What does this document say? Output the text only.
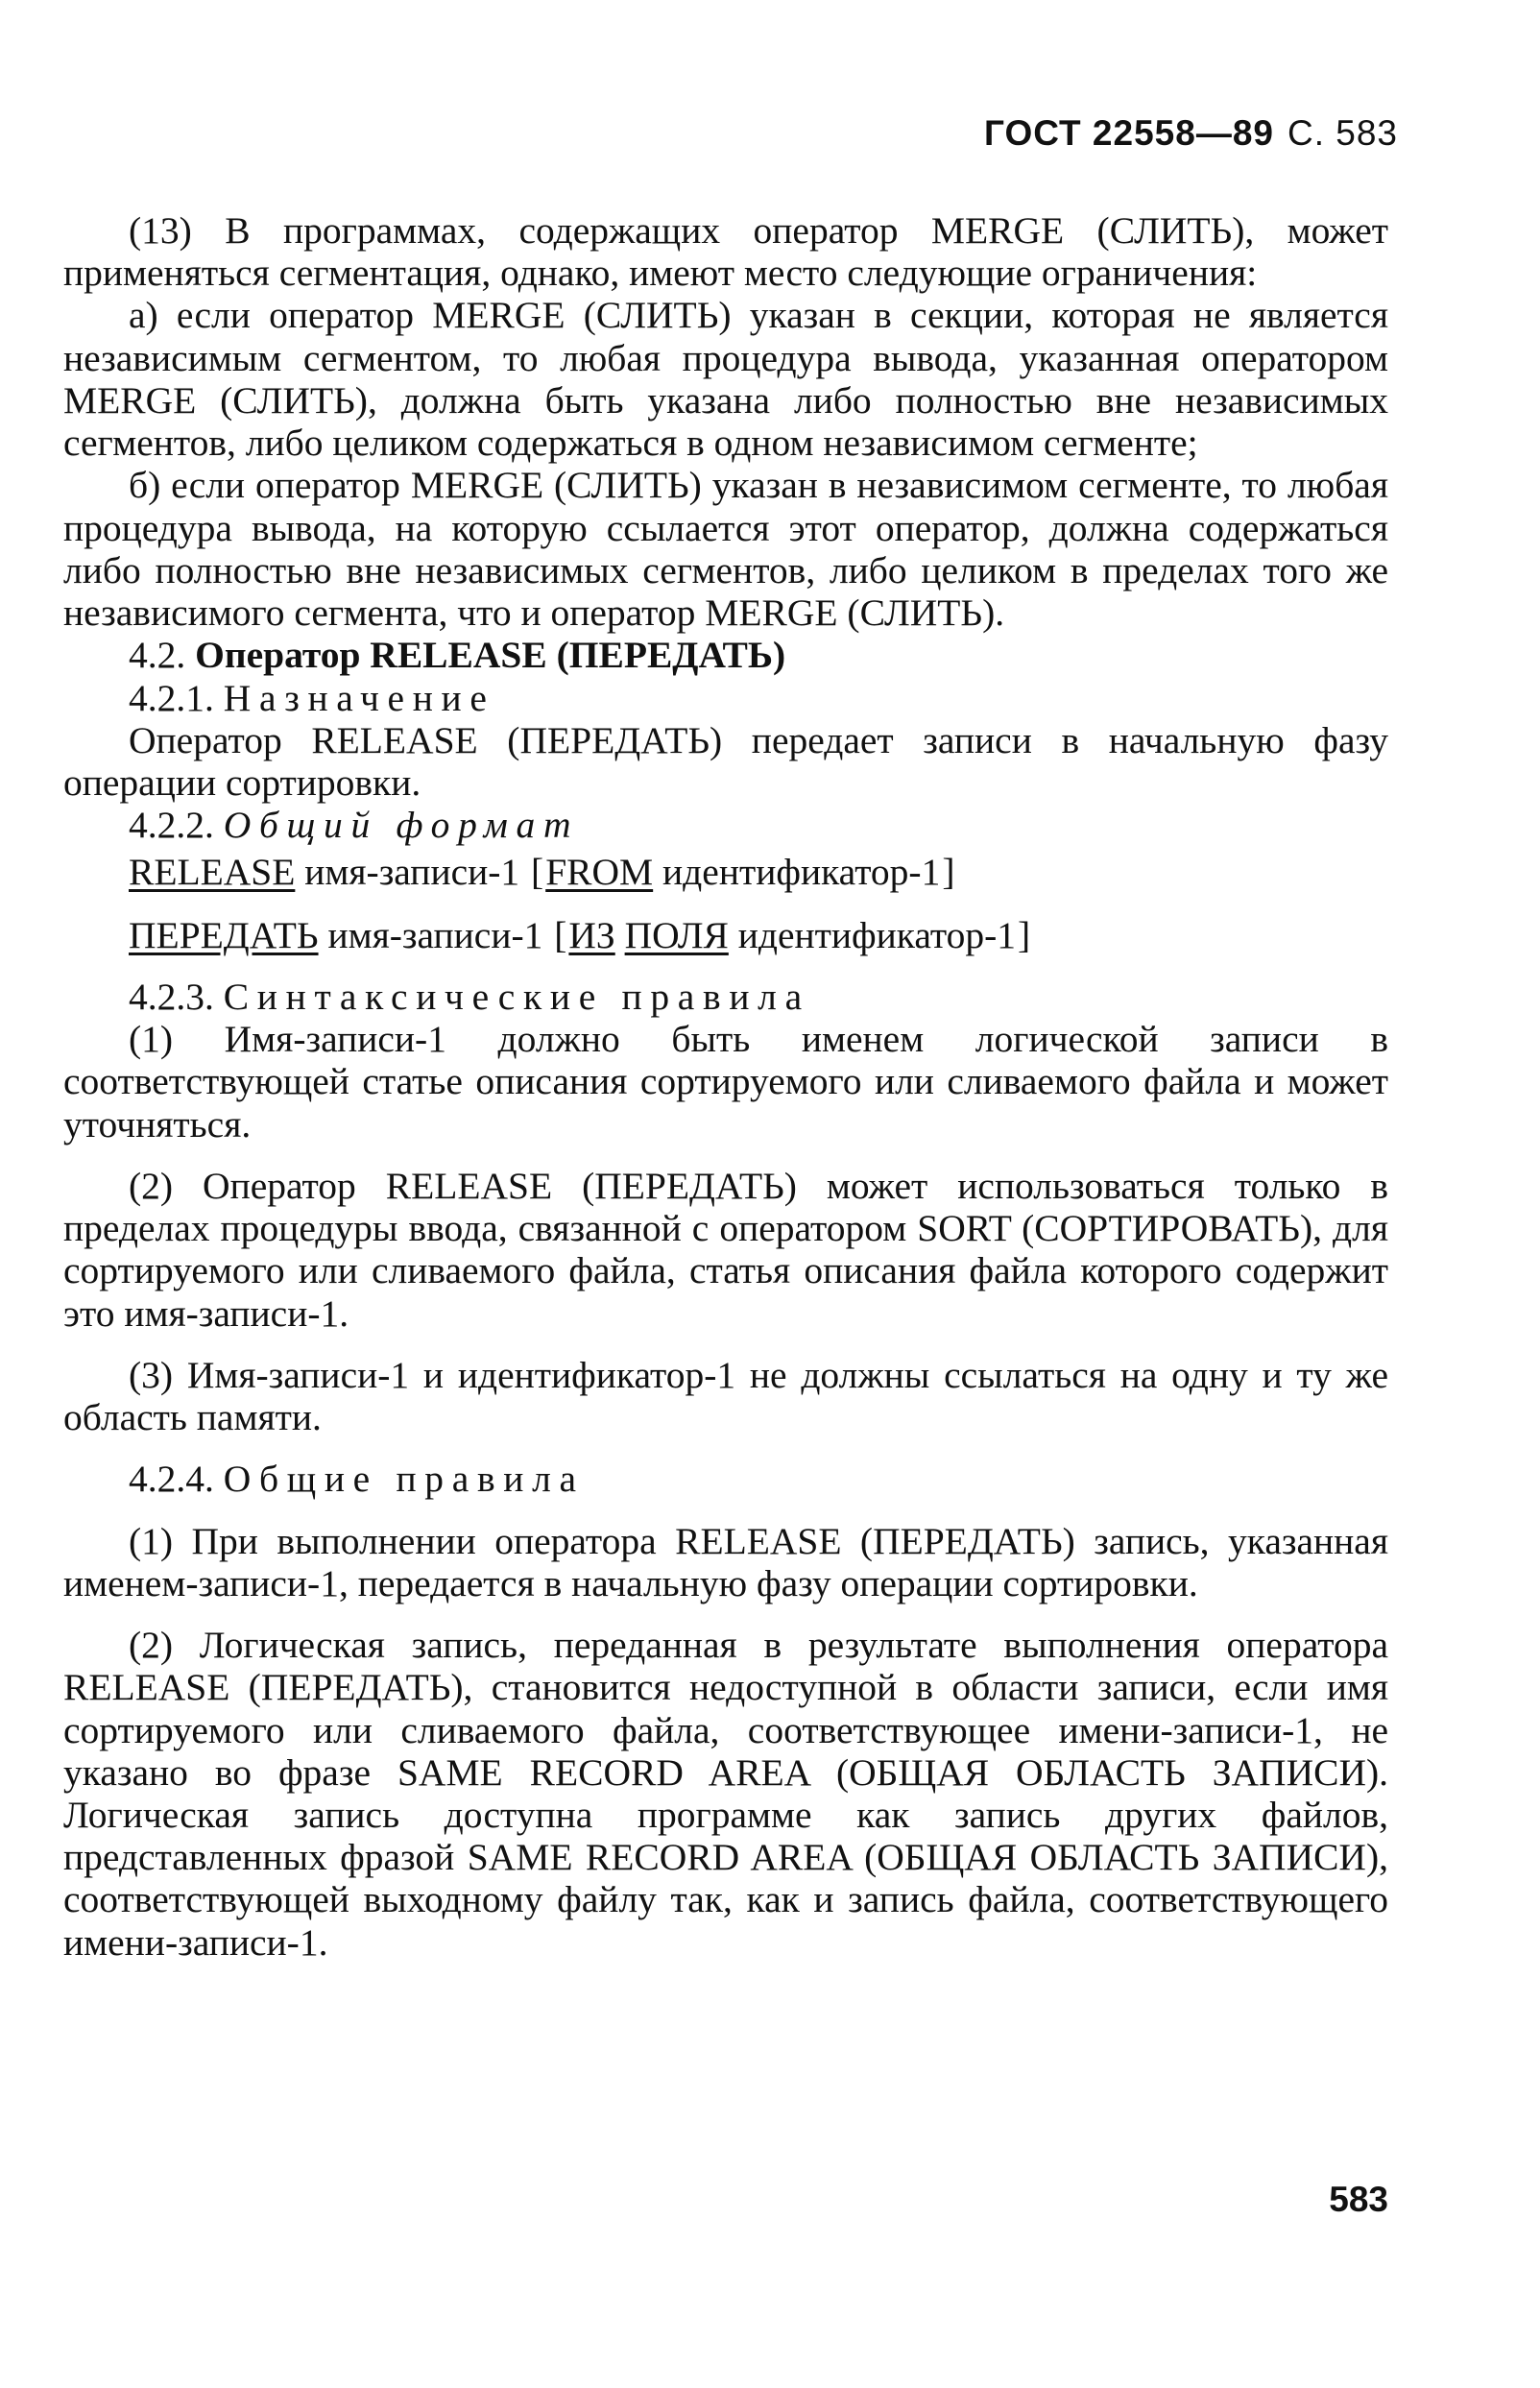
ГОСТ 22558—89 С. 583

(13) В программах, содержащих оператор MERGE (СЛИТЬ), может применяться сегментация, однако, имеют место следующие ограничения:

а) если оператор MERGE (СЛИТЬ) указан в секции, которая не является независимым сегментом, то любая процедура вывода, указанная оператором MERGE (СЛИТЬ), должна быть указана либо полностью вне независимых сегментов, либо целиком содержаться в одном независимом сегменте;

б) если оператор MERGE (СЛИТЬ) указан в независимом сегменте, то любая процедура вывода, на которую ссылается этот оператор, должна содержаться либо полностью вне независимых сегментов, либо целиком в пределах того же независимого сегмента, что и оператор MERGE (СЛИТЬ).

4.2. Оператор RELEASE (ПЕРЕДАТЬ)

4.2.1. Назначение

Оператор RELEASE (ПЕРЕДАТЬ) передает записи в начальную фазу операции сортировки.

4.2.2. Общий формат

RELEASE имя-записи-1 [FROM идентификатор-1]
ПЕРЕДАТЬ имя-записи-1 [ИЗ ПОЛЯ идентификатор-1]

4.2.3. Синтаксические правила

(1) Имя-записи-1 должно быть именем логической записи в соответствующей статье описания сортируемого или сливаемого файла и может уточняться.

(2) Оператор RELEASE (ПЕРЕДАТЬ) может использоваться только в пределах процедуры ввода, связанной с оператором SORT (СОРТИРОВАТЬ), для сортируемого или сливаемого файла, статья описания файла которого содержит это имя-записи-1.

(3) Имя-записи-1 и идентификатор-1 не должны ссылаться на одну и ту же область памяти.

4.2.4. Общие правила

(1) При выполнении оператора RELEASE (ПЕРЕДАТЬ) запись, указанная именем-записи-1, передается в начальную фазу операции сортировки.

(2) Логическая запись, переданная в результате выполнения оператора RELEASE (ПЕРЕДАТЬ), становится недоступной в области записи, если имя сортируемого или сливаемого файла, соответствующее имени-записи-1, не указано во фразе SAME RECORD AREA (ОБЩАЯ ОБЛАСТЬ ЗАПИСИ). Логическая запись доступна программе как запись других файлов, представленных фразой SAME RECORD AREA (ОБЩАЯ ОБЛАСТЬ ЗАПИСИ), соответствующей выходному файлу так, как и запись файла, соответствующего имени-записи-1.

583
